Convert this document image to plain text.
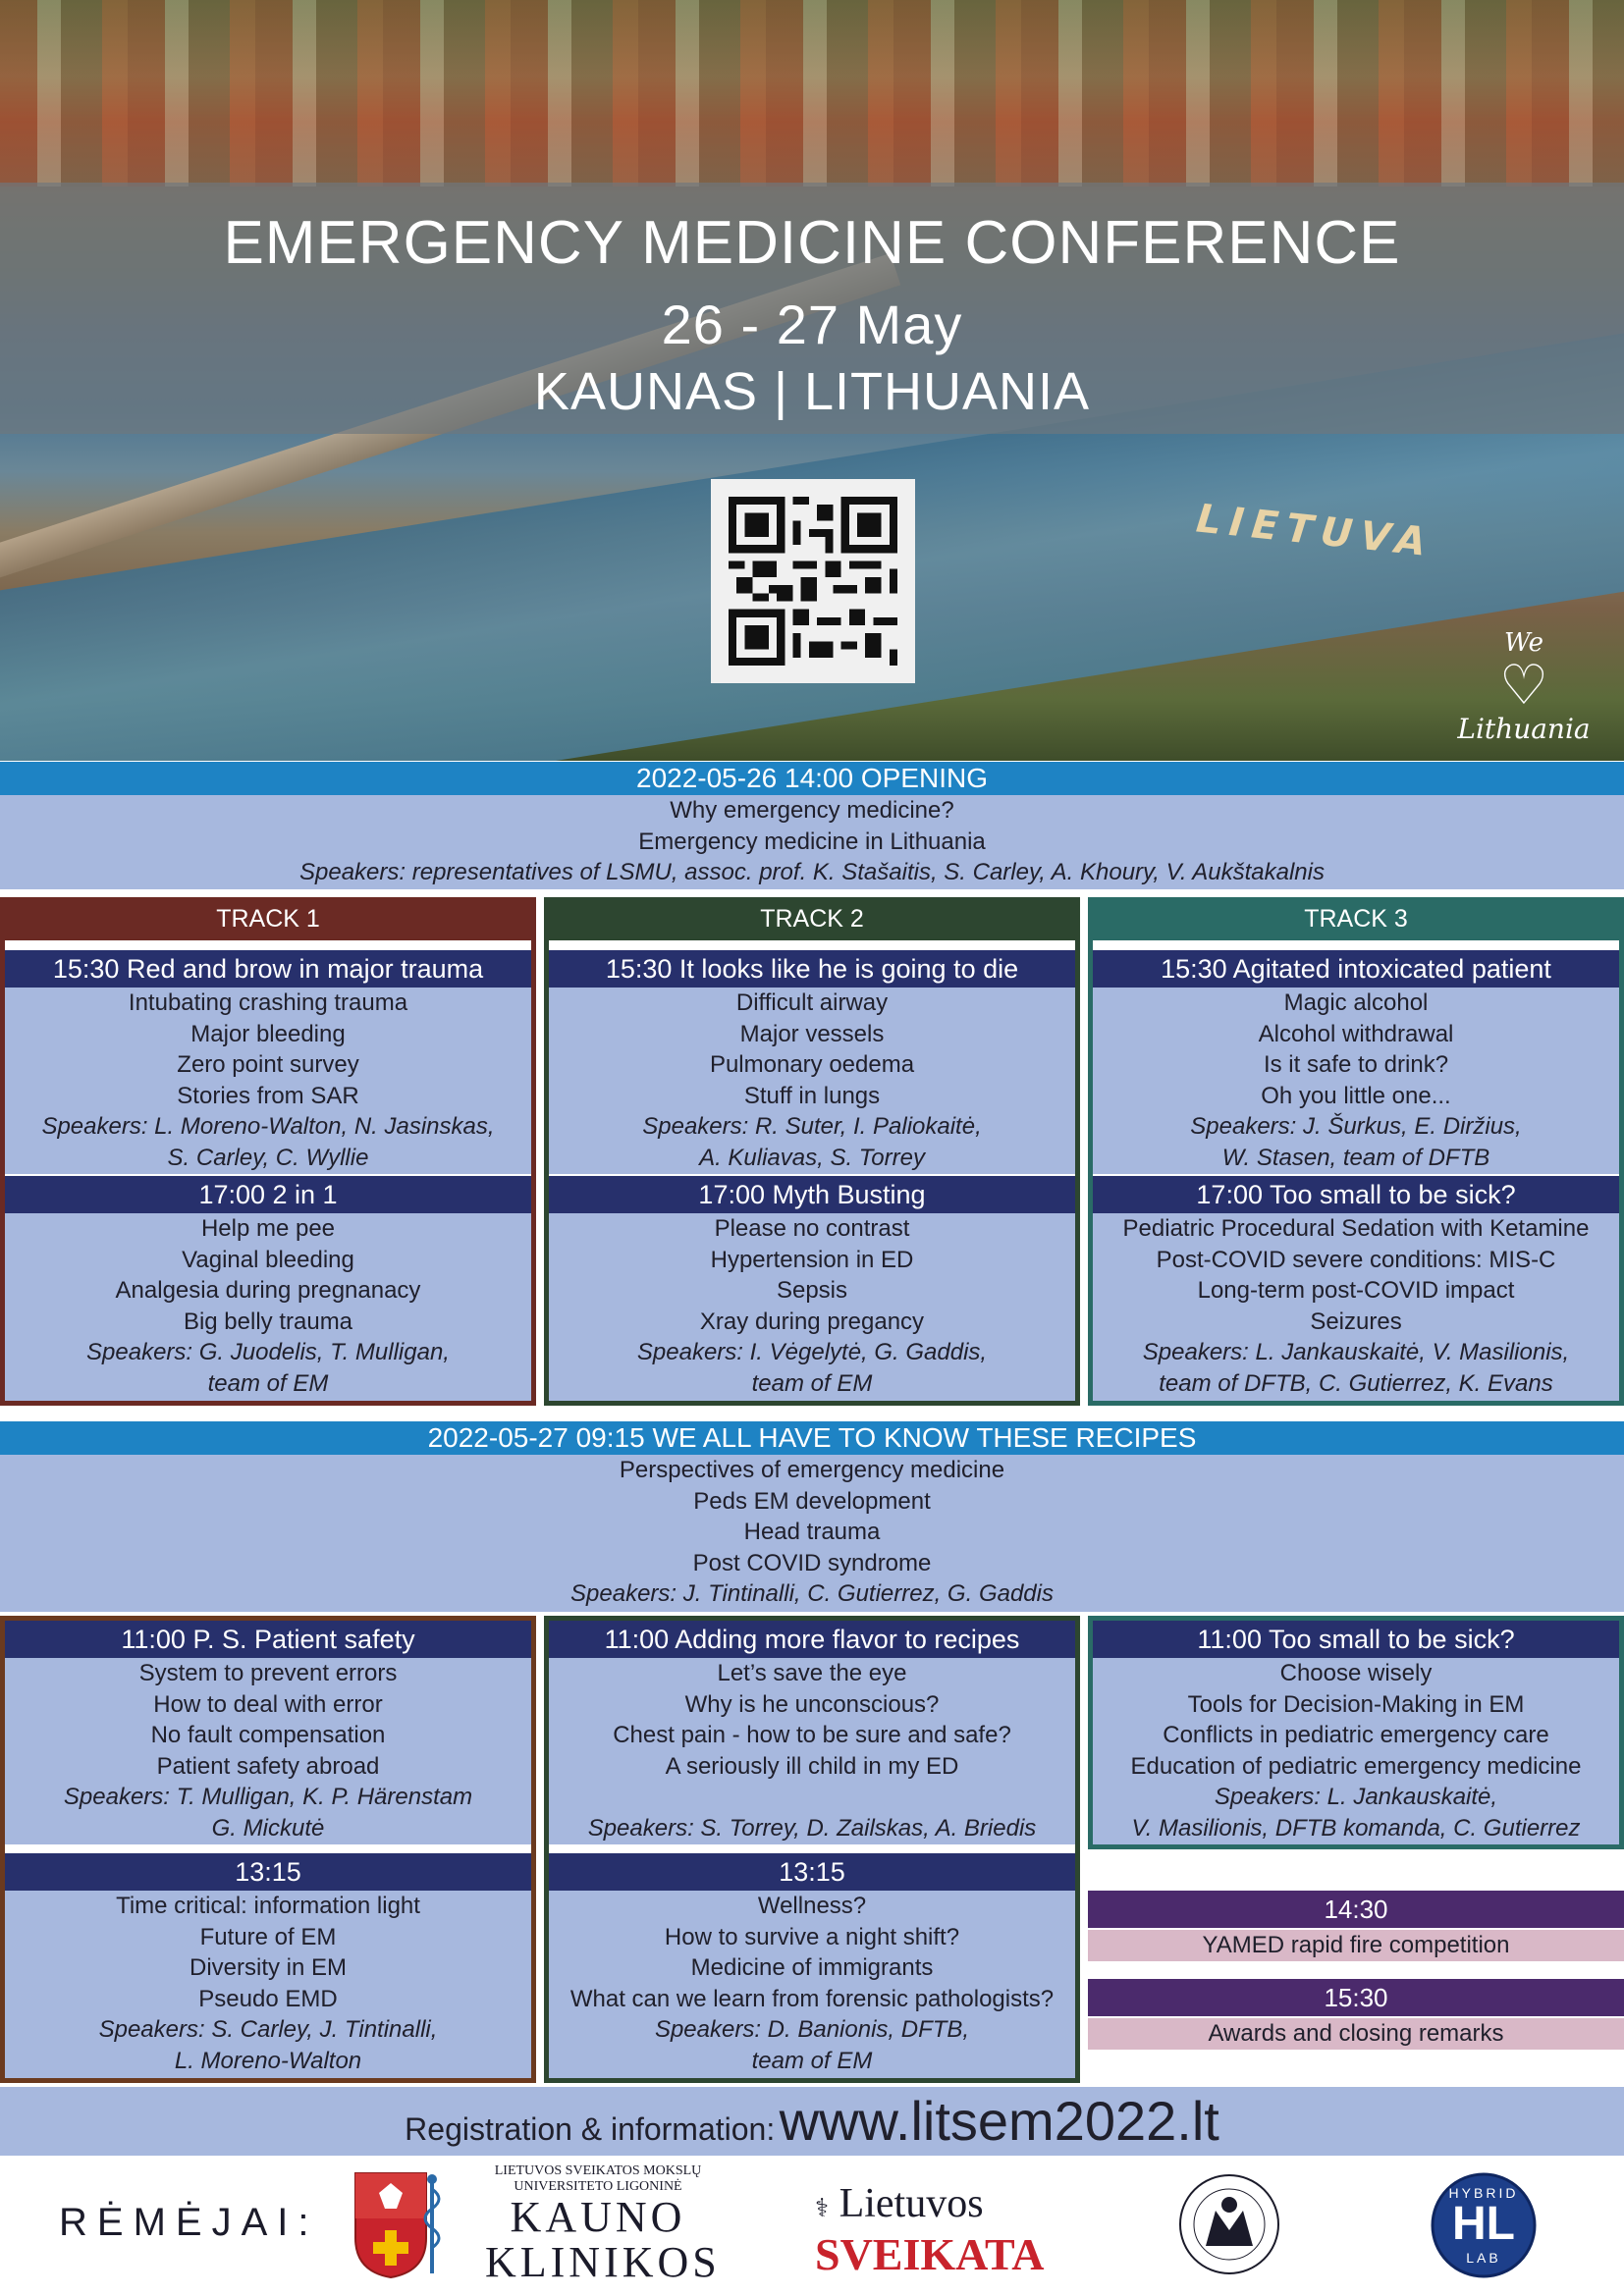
EMERGENCY MEDICINE CONFERENCE
26 - 27 May
KAUNAS | LITHUANIA
LIETUVA
We
♡
Lithuania
2022-05-26 14:00 OPENING
Why emergency medicine?
Emergency medicine in Lithuania
Speakers: representatives of LSMU, assoc. prof. K. Stašaitis, S. Carley, A. Khoury, V. Aukštakalnis
TRACK 1
15:30 Red and brow in major trauma
Intubating crashing trauma
Major bleeding
Zero point survey
Stories from SAR
Speakers: L. Moreno-Walton, N. Jasinskas,
S. Carley, C. Wyllie
17:00 2 in 1
Help me pee
Vaginal bleeding
Analgesia during pregnanacy
Big belly trauma
Speakers: G. Juodelis, T. Mulligan,
team of EM
TRACK 2
15:30 It looks like he is going to die
Difficult airway
Major vessels
Pulmonary oedema
Stuff in lungs
Speakers: R. Suter, I. Paliokaitė,
A. Kuliavas, S. Torrey
17:00 Myth Busting
Please no contrast
Hypertension in ED
Sepsis
Xray during pregancy
Speakers: I. Vėgelytė, G. Gaddis,
team of EM
TRACK 3
15:30 Agitated intoxicated patient
Magic alcohol
Alcohol withdrawal
Is it safe to drink?
Oh you little one...
Speakers: J. Šurkus, E. Diržius,
W. Stasen, team of DFTB
17:00 Too small to be sick?
Pediatric Procedural Sedation with Ketamine
Post-COVID severe conditions: MIS-C
Long-term post-COVID impact
Seizures
Speakers: L. Jankauskaitė, V. Masilionis,
team of DFTB, C. Gutierrez, K. Evans
2022-05-27 09:15 WE ALL HAVE TO KNOW THESE RECIPES
Perspectives of emergency medicine
Peds EM development
Head trauma
Post COVID syndrome
Speakers: J. Tintinalli, C. Gutierrez, G. Gaddis
11:00 P. S. Patient safety
System to prevent errors
How to deal with error
No fault compensation
Patient safety abroad
Speakers: T. Mulligan, K. P. Härenstam
G. Mickutė
13:15
Time critical: information light
Future of EM
Diversity in EM
Pseudo EMD
Speakers: S. Carley, J. Tintinalli,
L. Moreno-Walton
11:00 Adding more flavor to recipes
Let’s save the eye
Why is he unconscious?
Chest pain - how to be sure and safe?
A seriously ill child in my ED
Speakers: S. Torrey, D. Zailskas, A. Briedis
13:15
Wellness?
How to survive a night shift?
Medicine of immigrants
What can we learn from forensic pathologists?
Speakers: D. Banionis, DFTB,
team of EM
11:00 Too small to be sick?
Choose wisely
Tools for Decision-Making in EM
Conflicts in pediatric emergency care
Education of pediatric emergency medicine
Speakers: L. Jankauskaitė,
V. Masilionis, DFTB komanda, C. Gutierrez
14:30
YAMED rapid fire competition
15:30
Awards and closing remarks
Registration & information: www.litsem2022.lt
RĖMĖJAI:
LIETUVOS SVEIKATOS MOKSLŲ
UNIVERSITETO LIGONINĖ
KAUNO
KLINIKOS
⚕ Lietuvos
SVEIKATA
HYBRID
HL
LAB
